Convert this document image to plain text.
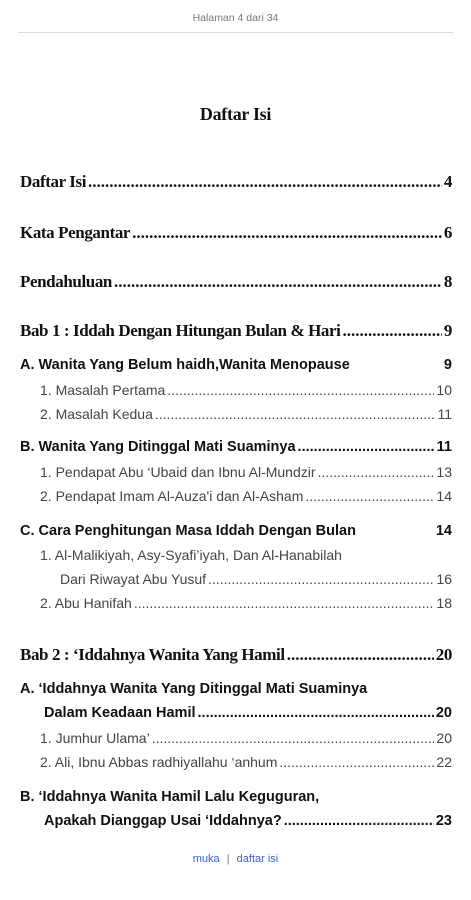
Halaman 4 dari 34
Daftar Isi
Daftar Isi .....	4
Kata Pengantar .....	6
Pendahuluan .....	8
Bab 1 : Iddah Dengan Hitungan Bulan & Hari .....	9
A. Wanita Yang Belum haidh,Wanita Menopause	9
1. Masalah Pertama .....	10
2. Masalah Kedua .....	11
B. Wanita Yang Ditinggal Mati Suaminya .....	11
1. Pendapat Abu ‘Ubaid dan Ibnu Al-Mundzir .....	13
2. Pendapat Imam Al-Auza'i dan Al-Asham .....	14
C. Cara Penghitungan Masa Iddah Dengan Bulan	14
1. Al-Malikiyah, Asy-Syafi’iyah, Dan Al-Hanabilah
Dari Riwayat Abu Yusuf .....	16
2. Abu Hanifah .....	18
Bab 2 : ‘Iddahnya Wanita Yang Hamil .....	20
A. ‘Iddahnya Wanita Yang Ditinggal Mati Suaminya
Dalam Keadaan Hamil .....	20
1. Jumhur Ulama’ .....	20
2. Ali, Ibnu Abbas radhiyallahu ‘anhum .....	22
B. ‘Iddahnya Wanita Hamil Lalu Keguguran,
Apakah Dianggap Usai ‘Iddahnya? .....	23
muka | daftar isi
